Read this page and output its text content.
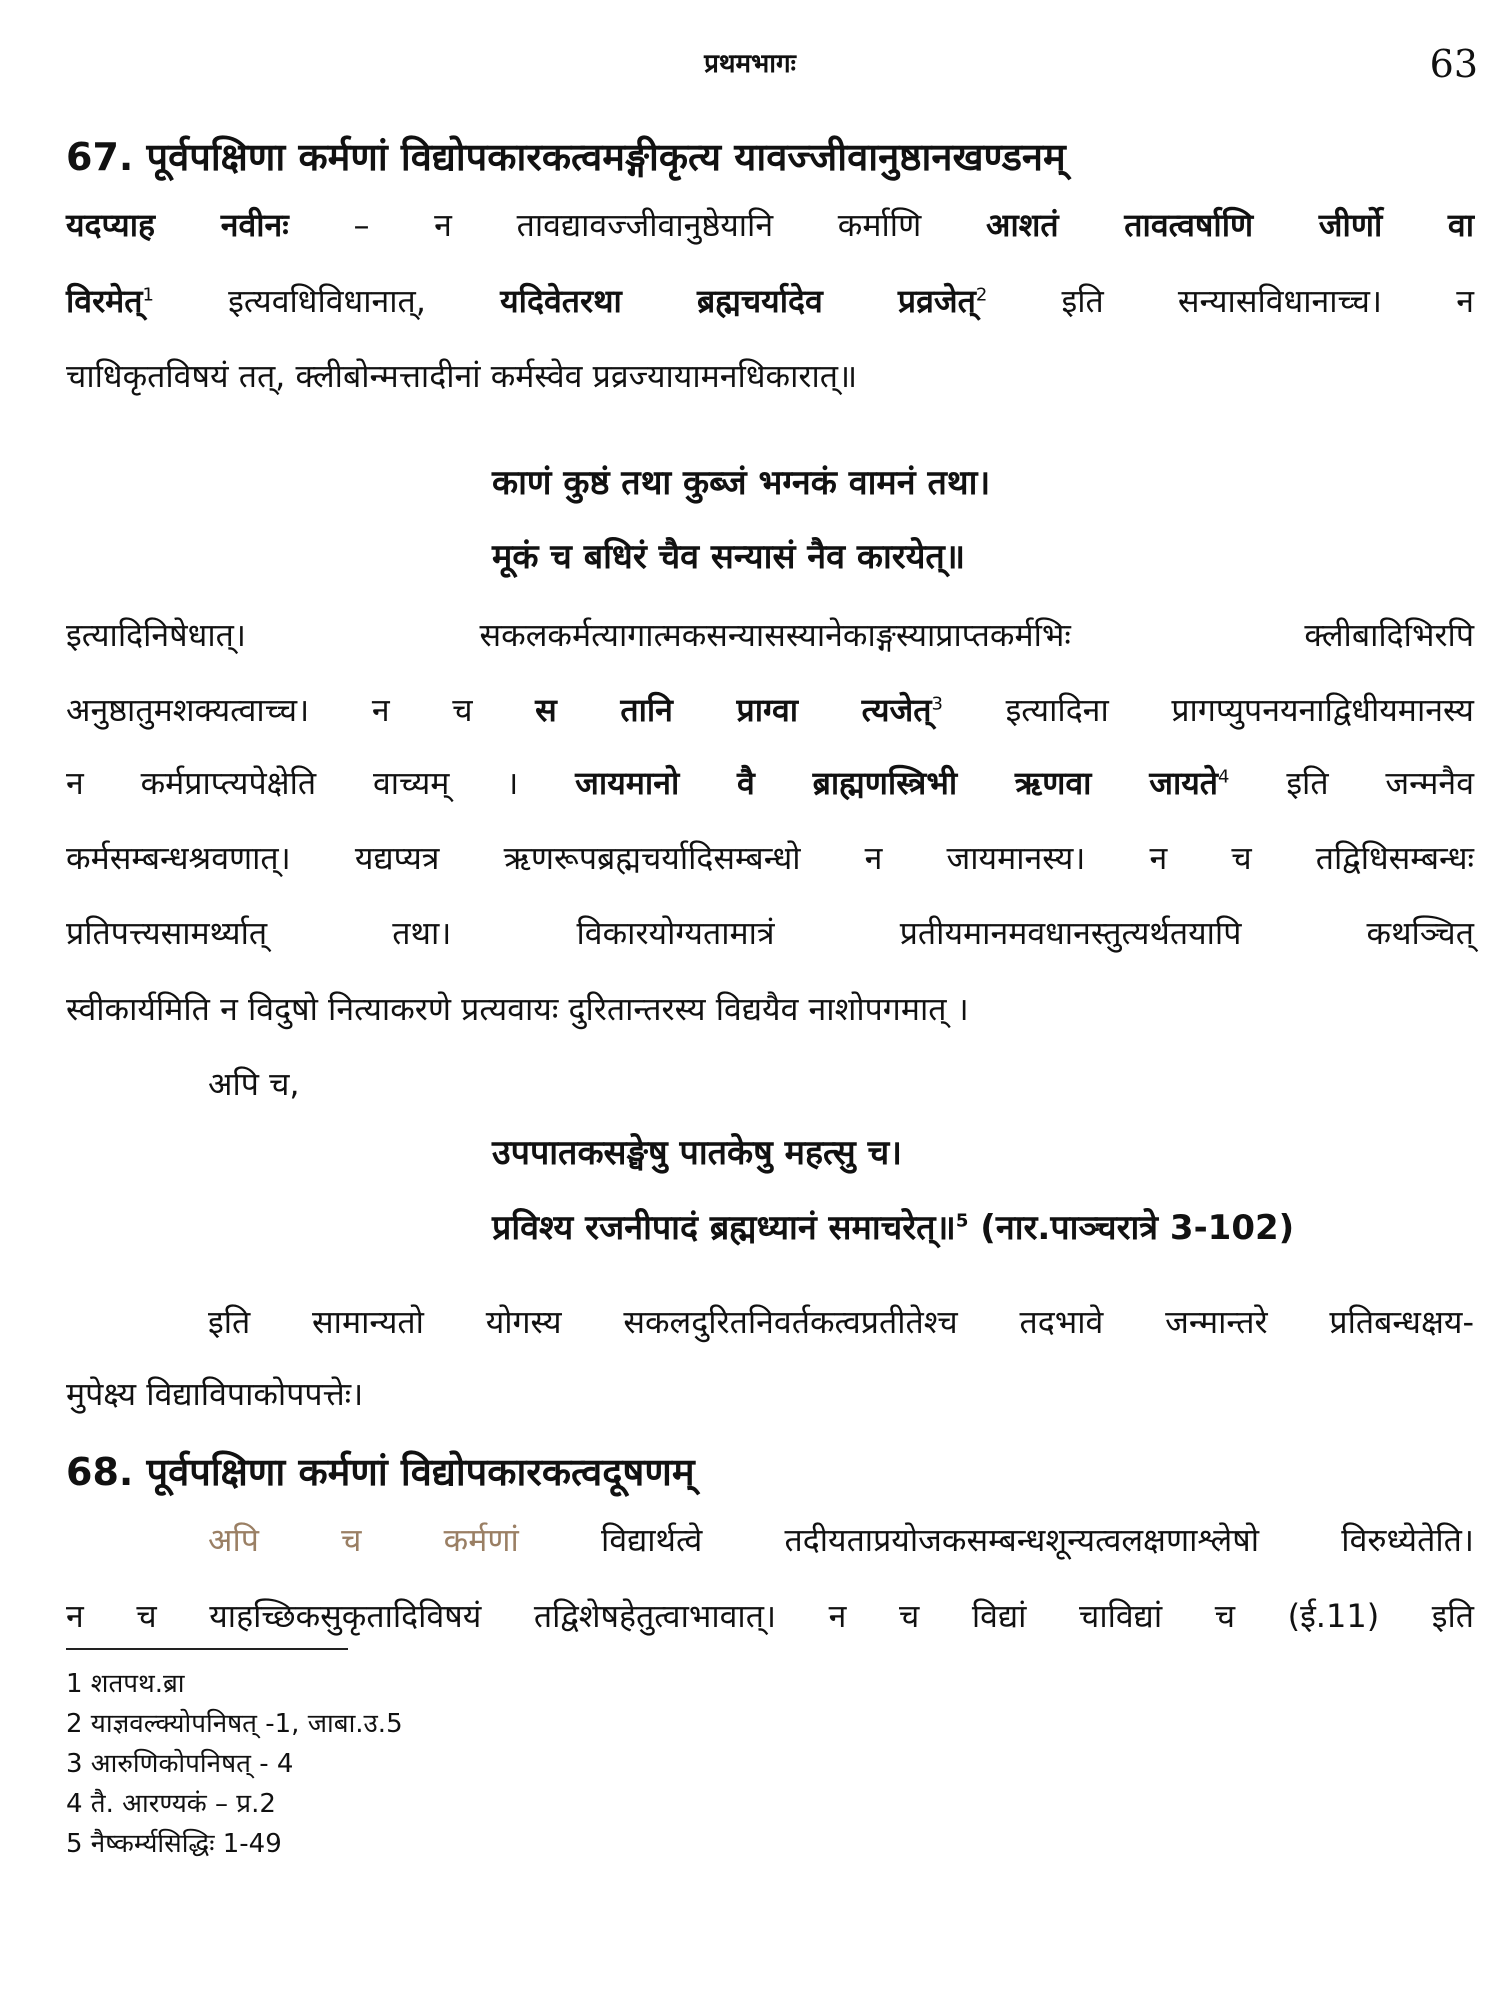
प्रथमभागः	63
67. पूर्वपक्षिणा कर्मणां विद्योपकारकत्वमङ्गीकृत्य यावज्जीवानुष्ठानखण्डनम्
यदप्याह नवीनः – न तावद्यावज्जीवानुष्ठेयानि कर्माणि आशतं तावत्वर्षाणि जीर्णो वा
विरमेत्$^1$ इत्यवधिविधानात्, यदिवेतरथा ब्रह्मचर्यादेव प्रव्रजेत्$^2$ इति सन्यासविधानाच्च। न
चाधिकृतविषयं तत्, क्लीबोन्मत्तादीनां कर्मस्वेव प्रव्रज्यायामनधिकारात्॥
काणं कुष्ठं तथा कुब्जं भग्नकं वामनं तथा।
मूकं च बधिरं चैव सन्यासं नैव कारयेत्॥
इत्यादिनिषेधात्। सकलकर्मत्यागात्मकसन्यासस्यानेकाङ्गस्याप्राप्तकर्मभिः क्लीबादिभिरपि
अनुष्ठातुमशक्यत्वाच्च। न च स तानि प्राग्वा त्यजेत्$^3$ इत्यादिना प्रागप्युपनयनाद्विधीयमानस्य
न कर्मप्राप्त्यपेक्षेति वाच्यम् । जायमानो वै ब्राह्मणस्त्रिभी ऋणवा जायते$^4$ इति जन्मनैव
कर्मसम्बन्धश्रवणात्। यद्यप्यत्र ऋणरूपब्रह्मचर्यादिसम्बन्धो न जायमानस्य। न च तद्विधिसम्बन्धः
प्रतिपत्त्यसामर्थ्यात् तथा। विकारयोग्यतामात्रं प्रतीयमानमवधानस्तुत्यर्थतयापि कथञ्चित्
स्वीकार्यमिति न विदुषो नित्याकरणे प्रत्यवायः दुरितान्तरस्य विद्ययैव नाशोपगमात् ।
अपि च,
उपपातकसङ्घेषु पातकेषु महत्सु च।
प्रविश्य रजनीपादं ब्रह्मध्यानं समाचरेत्॥$^5$ (नार.पाञ्चरात्रे 3-102)
इति सामान्यतो योगस्य सकलदुरितनिवर्तकत्वप्रतीतेश्च तदभावे जन्मान्तरे प्रतिबन्धक्षय-
मुपेक्ष्य विद्याविपाकोपपत्तेः।
68. पूर्वपक्षिणा कर्मणां विद्योपकारकत्वदूषणम्
अपि च कर्मणां विद्यार्थत्वे तदीयताप्रयोजकसम्बन्धशून्यत्वलक्षणाश्लेषो विरुध्येतेति।
न च याहच्छिकसुकृतादिविषयं तद्विशेषहेतुत्वाभावात्। न च विद्यां चाविद्यां च (ई.11) इति
1 शतपथ.ब्रा
2 याज्ञवल्क्योपनिषत् -1, जाबा.उ.5
3 आरुणिकोपनिषत् - 4
4 तै. आरण्यकं – प्र.2
5 नैष्कर्म्यसिद्धिः 1-49
